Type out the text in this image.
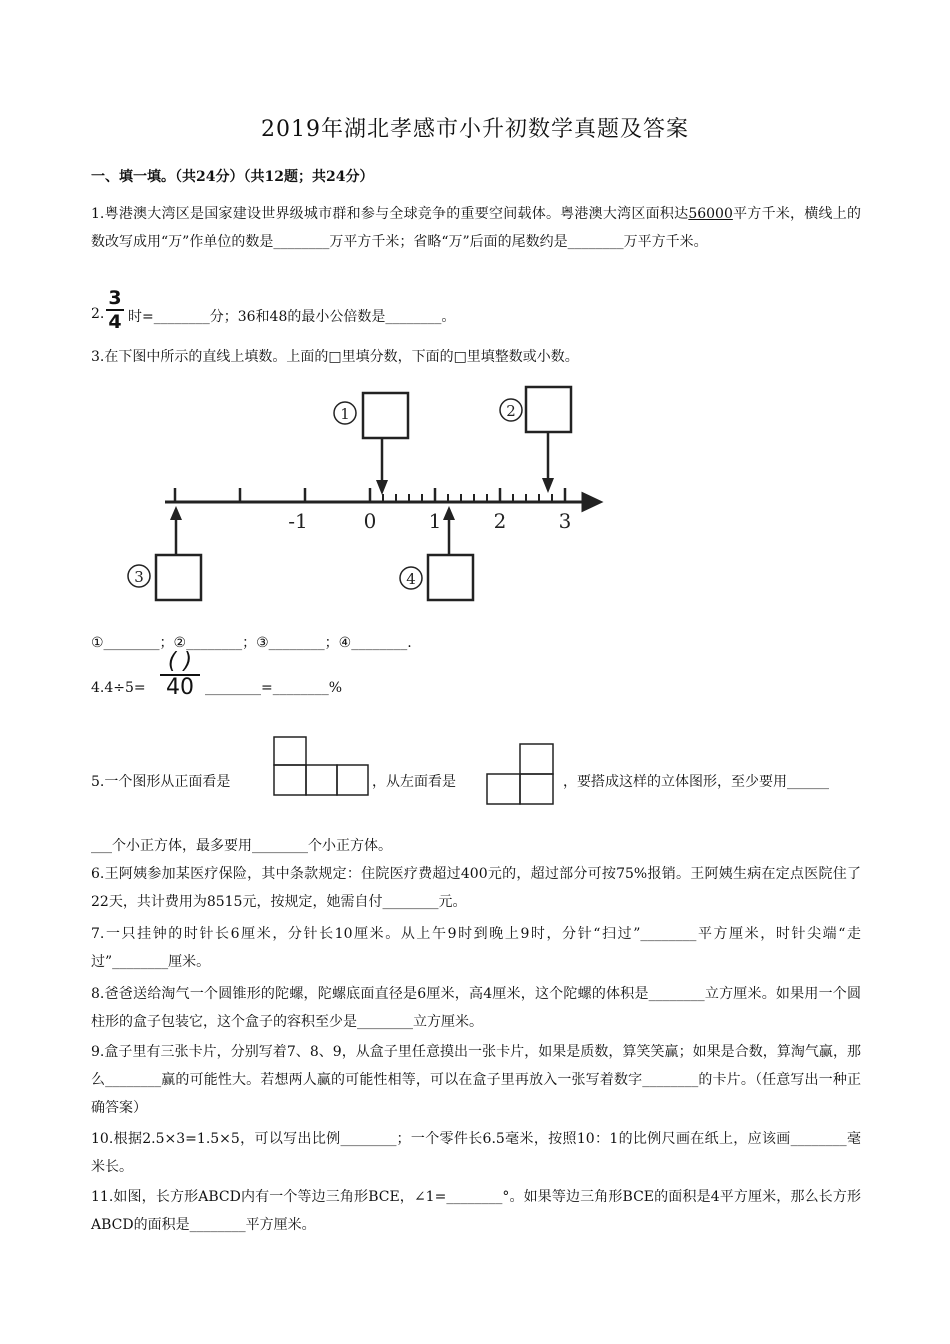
2019年湖北孝感市小升初数学真题及答案
一、填一填。（共24分）（共12题；共24分）
1.粤港澳大湾区是国家建设世界级城市群和参与全球竞争的重要空间载体。粤港澳大湾区面积达56000平方千米，横线上的数改写成用“万”作单位的数是________万平方千米；省略“万”后面的尾数约是________万平方千米。
2.
3
4 时=________分；36和48的最小公倍数是________。
3.在下图中所示的直线上填数。上面的□里填分数，下面的□里填整数或小数。
-1	0	1	2	3
1	2
3	4
①________；②________；③________；④________.
4.4÷5=
( )
40 ________=________%
5.一个图形从正面看是	，从左面看是	，要搭成这样的立体图形，至少要用______
___个小正方体，最多要用________个小正方体。
6.王阿姨参加某医疗保险，其中条款规定：住院医疗费超过400元的，超过部分可按75%报销。王阿姨生病在定点医院住了22天，共计费用为8515元，按规定，她需自付________元。
7.一只挂钟的时针长6厘米，分针长10厘米。从上午9时到晚上9时，分针“扫过”________平方厘米，时针尖端“走过”________厘米。
8.爸爸送给淘气一个圆锥形的陀螺，陀螺底面直径是6厘米，高4厘米，这个陀螺的体积是________立方厘米。如果用一个圆柱形的盒子包装它，这个盒子的容积至少是________立方厘米。
9.盒子里有三张卡片，分别写着7、8、9，从盒子里任意摸出一张卡片，如果是质数，算笑笑赢；如果是合数，算淘气赢，那么________赢的可能性大。若想两人赢的可能性相等，可以在盒子里再放入一张写着数字________的卡片。（任意写出一种正确答案）
10.根据2.5×3=1.5×5，可以写出比例________；一个零件长6.5毫米，按照10：1的比例尺画在纸上，应该画________毫米长。
11.如图，长方形ABCD内有一个等边三角形BCE，∠1=________°。如果等边三角形BCE的面积是4平方厘米，那么长方形ABCD的面积是________平方厘米。
